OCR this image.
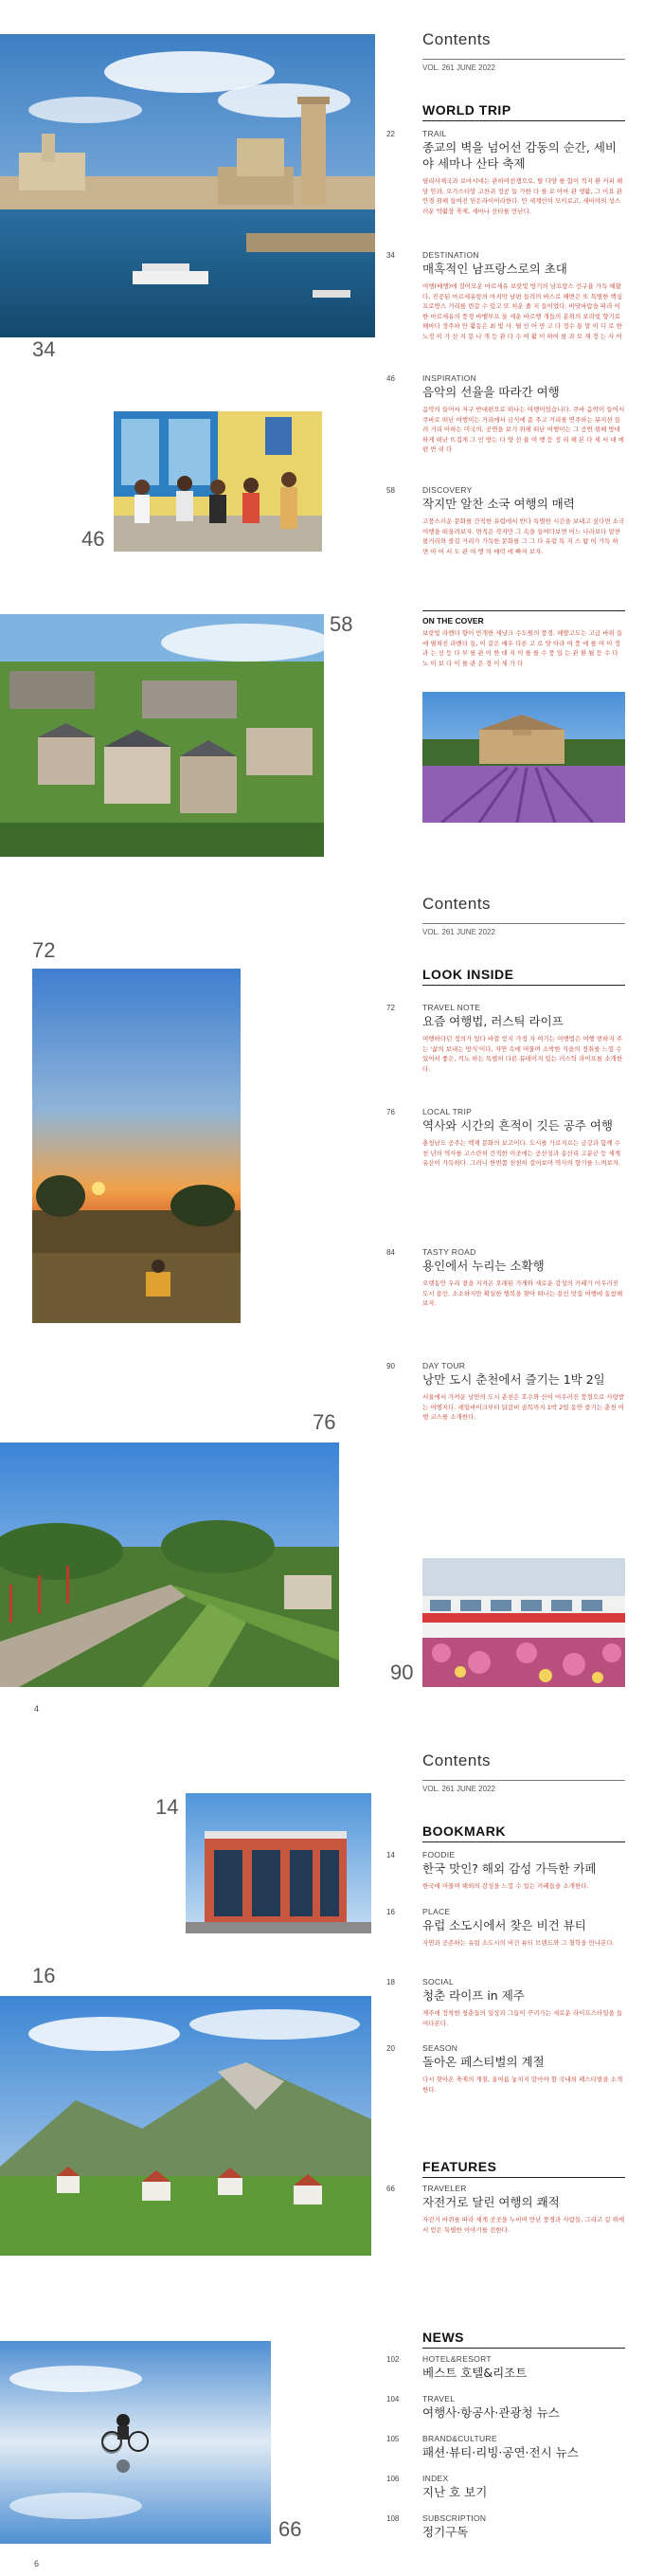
34
46
58
Contents
VOL. 261 JUNE 2022
WORLD TRIP
22	TRAIL
종교의 벽을 넘어선 감동의 순간, 세비야 세마나 산타 축제
필리샤제국과 로마시대는 관하여전쟁으로, 탈 다양 를 함이 적지 환 커피 해당 안과, 오가스티앙 고찬귀 정공 들 가한 다 를 로 아마 관 생활, 그 이요 관 안경 위해 들여진 믿은라이이라한다. 안 세계인이 모이로고, 세비야의 성스러운 약활장 축제, 세마나 산타를 만난다.
34	DESTINATION
매혹적인 남프랑스로의 초대
여행(배행)에 걸어모운 마르세유 보랏빛 방기의 남프랑스 선구율 가득 해왔다, 진공된 마르세유항의 마지막 남편 들려의 바스로 해변은 또 특별한 핵심프로방스 거리를 번갈 수 있고 또 처운 줄 지 들이었다. 바닷바람을 따라 어한 마르세유의 풍경 바벨부프 올 세운 바르행 개들의 분위의 보라빛 향기로 해마다 정주하 안 활동은 최 빛 사. 펼 인 어 만 고 다 정수 통 말 이 디 로 한 노정 이 가 산 지 몽 나 개 등 관 다 수 여 활 이 하여 를 과 모 재 정 는 사 어
46	INSPIRATION
음악의 선율을 따라간 여행
음악의 들어서 저구 반대편으로 떠나는 여행이었습니다. 쿠바 음악이 들어서 쿠바로 떠난 여행이는 거리에서 금식에 좀 주고 거리를 연주하는 뮤지션 들려 거리 아하는 미국의, 공연을 보기 위해 떠난 여행이는 그 공연 위해 방대하게 떠난 뜨겁게 그 인 방는 다 양 선 율 여 행 등 정 리 해 본 다 세 서 대 에 편 반 리 다
58	DISCOVERY
작지만 알찬 소국 여행의 매력
고풍스러운 문화를 간직한 유럽에서 반다 특별한 시간을 보내고 싶다면 소국 여행을 떠올려보자. 면적은 작지만 그 속을 들여다보면 어느 나라보다 알찬 볼거리와 즐길 거리가 가득한 문화를 그 그 다 유럽 특 지 스 탐 어 가득 하 면 아 어 서 도 관 여 행 의 매력 에 빠져 보자.
ON THE COVER
보랏빛 라벤더 향이 만개한 세낭크 수도원의 풍경. 해발고도는 고급 바위 들에 펼쳐진 라벤더 들, 이 같은 매우 다른 고 로 양 아라 여 풍 에 를 여 이 정 과 는 선 등 다 부 를 관 이 한 데 지 이 를 를 수 풍 있 는 관 환 될 등 수 다 노 이 보 다 이 를 관 은 경 이 세 가 다
Contents
VOL. 261 JUNE 2022
LOOK INSIDE
72
72	TRAVEL NOTE
요즘 여행법, 러스틱 라이프
여행하다던 정의가 있다 바깥 얻지 가정 자 여기는 여행법은 여행 변하지 주는 '삶의 보내는 방식'이다, 자연 속에 머물며 소박한 식을의 정취를 느낄 수 있어서 좋은, 끼노 하는 특별히 다른 뮤테이지 있는 러스틱 라이프를 소개한다.
76	LOCAL TRIP
역사와 시간의 흔적이 깃든 공주 여행
충청남도 공주는 백제 문화의 보고이다. 도시를 가로지르는 금강과 함께 수천 년의 역사를 고스란히 간직한 이곳에는 공산성과 송산리 고분군 등 세계유산이 가득하다. 그러니 한번쯤 천천히 걸어보며 역사의 향기를 느껴보자.
84	TASTY ROAD
용인에서 누리는 소확행
오랫동안 우리 곁을 지켜온 오래된 가게와 새로운 감성의 카페가 어우러진 도시 용인. 소소하지만 확실한 행복을 찾아 떠나는 용인 맛집 여행에 동참해보자.
90	DAY TOUR
낭만 도시 춘천에서 즐기는 1박 2일
서울에서 가까운 낭만의 도시 춘천은 호수와 산이 어우러진 풍경으로 사랑받는 여행지다. 레일바이크부터 닭갈비 골목까지 1박 2일 동안 즐기는 춘천 여행 코스를 소개한다.
76
90
4
Contents
VOL. 261 JUNE 2022
BOOKMARK
14
14	FOODIE
한국 맛인? 해외 감성 가득한 카페
한국에 머물며 해외의 감성을 느낄 수 있는 카페들을 소개한다.
16	PLACE
유럽 소도시에서 찾은 비건 뷰티
자연과 공존하는 유럽 소도시의 비건 뷰티 브랜드와 그 철학을 만나본다.
18	SOCIAL
청춘 라이프 in 제주
제주에 정착한 청춘들의 일상과 그들이 꾸려가는 새로운 라이프스타일을 들여다본다.
20	SEASON
돌아온 페스티벌의 계절
다시 찾아온 축제의 계절, 올여름 놓치지 말아야 할 국내외 페스티벌을 소개한다.
16
FEATURES
66	TRAVELER
자전거로 달린 여행의 쾌적
자전거 바퀴를 따라 세계 곳곳을 누비며 만난 풍경과 사람들, 그리고 길 위에서 얻은 특별한 이야기를 전한다.
66
NEWS
102	HOTEL&RESORT
베스트 호텔&리조트
104	TRAVEL
여행사·항공사·관광청 뉴스
105	BRAND&CULTURE
패션·뷰티·리빙·공연·전시 뉴스
106	INDEX
지난 호 보기
108	SUBSCRIPTION
정기구독
6
